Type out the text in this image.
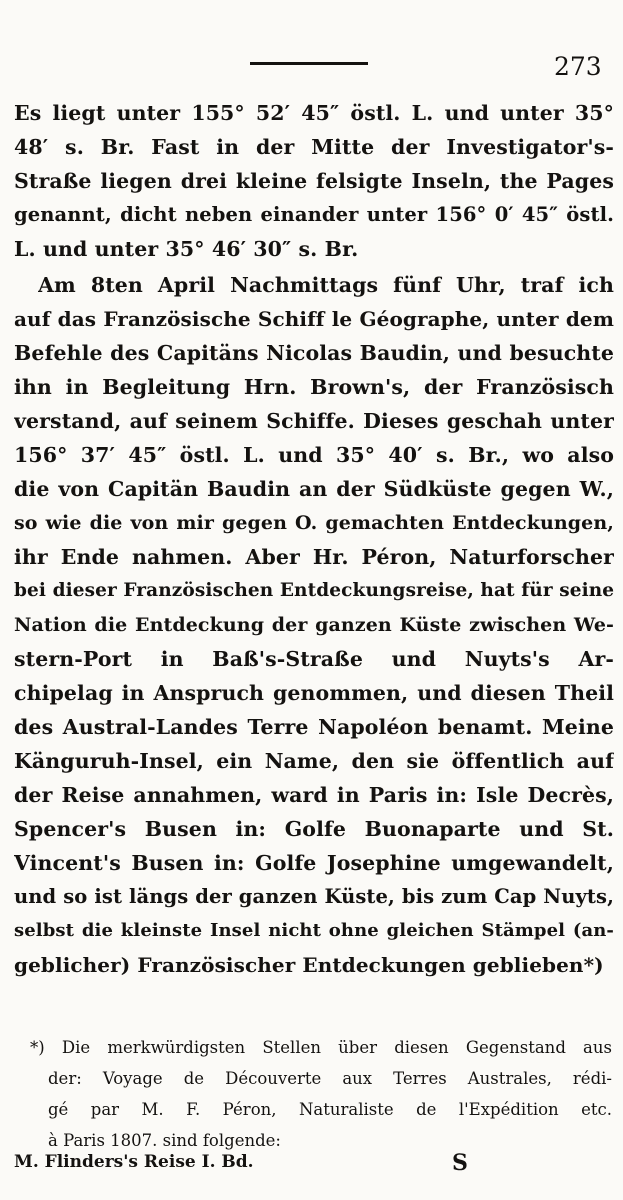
273
Es liegt unter 155° 52′ 45″ östl. L. und unter 35°
48′ s. Br. Fast in der Mitte der Investigator's-
Straße liegen drei kleine felsigte Inseln, the Pages
genannt, dicht neben einander unter 156° 0′ 45″ östl.
L. und unter 35° 46′ 30″ s. Br.
Am 8ten April Nachmittags fünf Uhr, traf ich
auf das Französische Schiff le Géographe, unter dem
Befehle des Capitäns Nicolas Baudin, und besuchte
ihn in Begleitung Hrn. Brown's, der Französisch
verstand, auf seinem Schiffe. Dieses geschah unter
156° 37′ 45″ östl. L. und 35° 40′ s. Br., wo also
die von Capitän Baudin an der Südküste gegen W.,
so wie die von mir gegen O. gemachten Entdeckungen,
ihr Ende nahmen. Aber Hr. Péron, Naturforscher
bei dieser Französischen Entdeckungsreise, hat für seine
Nation die Entdeckung der ganzen Küste zwischen We-
stern-Port in Baß's-Straße und Nuyts's Ar-
chipelag in Anspruch genommen, und diesen Theil
des Austral-Landes Terre Napoléon benamt. Meine
Känguruh-Insel, ein Name, den sie öffentlich auf
der Reise annahmen, ward in Paris in: Isle Decrès,
Spencer's Busen in: Golfe Buonaparte und St.
Vincent's Busen in: Golfe Josephine umgewandelt,
und so ist längs der ganzen Küste, bis zum Cap Nuyts,
selbst die kleinste Insel nicht ohne gleichen Stämpel (an-
geblicher) Französischer Entdeckungen geblieben*)
*) Die merkwürdigsten Stellen über diesen Gegenstand aus
der: Voyage de Découverte aux Terres Australes, rédi-
gé par M. F. Péron, Naturaliste de l'Expédition etc.
à Paris 1807. sind folgende:
M. Flinders's Reise I. Bd.	S
